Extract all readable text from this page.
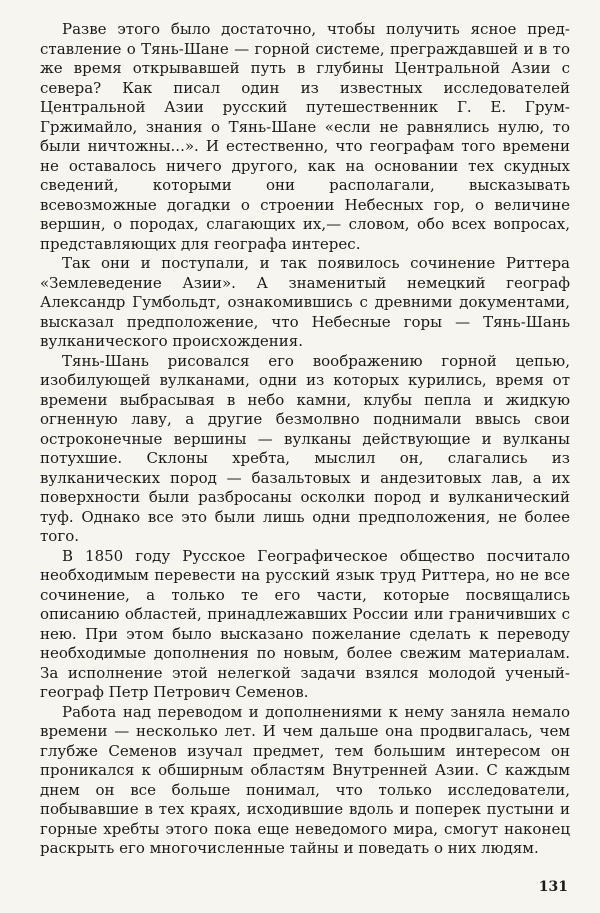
Разве этого было достаточно, чтобы получить ясное представление о Тянь-Шане — горной системе, преграждавшей и в то же время открывавшей путь в глубины Центральной Азии с севера? Как писал один из известных исследователей Центральной Азии русский путешественник Г. Е. Грум-Гржимайло, знания о Тянь-Шане «если не равнялись нулю, то были ничтожны...». И естественно, что географам того времени не оставалось ничего другого, как на основании тех скудных сведений, которыми они располагали, высказывать всевозможные догадки о строении Небесных гор, о величине вершин, о породах, слагающих их,— словом, обо всех вопросах, представляющих для географа интерес.

Так они и поступали, и так появилось сочинение Риттера «Землеведение Азии». А знаменитый немецкий географ Александр Гумбольдт, ознакомившись с древними документами, высказал предположение, что Небесные горы — Тянь-Шань вулканического происхождения.

Тянь-Шань рисовался его воображению горной цепью, изобилующей вулканами, одни из которых курились, время от времени выбрасывая в небо камни, клубы пепла и жидкую огненную лаву, а другие безмолвно поднимали ввысь свои остроконечные вершины — вулканы действующие и вулканы потухшие. Склоны хребта, мыслил он, слагались из вулканических пород — базальтовых и андезитовых лав, а их поверхности были разбросаны осколки пород и вулканический туф. Однако все это были лишь одни предположения, не более того.

В 1850 году Русское Географическое общество посчитало необходимым перевести на русский язык труд Риттера, но не все сочинение, а только те его части, которые посвящались описанию областей, принадлежавших России или граничивших с нею. При этом было высказано пожелание сделать к переводу необходимые дополнения по новым, более свежим материалам. За исполнение этой нелегкой задачи взялся молодой ученый-географ Петр Петрович Семенов.

Работа над переводом и дополнениями к нему заняла немало времени — несколько лет. И чем дальше она продвигалась, чем глубже Семенов изучал предмет, тем большим интересом он проникался к обширным областям Внутренней Азии. С каждым днем он все больше понимал, что только исследователи, побывавшие в тех краях, исходившие вдоль и поперек пустыни и горные хребты этого пока еще неведомого мира, смогут наконец раскрыть его многочисленные тайны и поведать о них людям.

131
